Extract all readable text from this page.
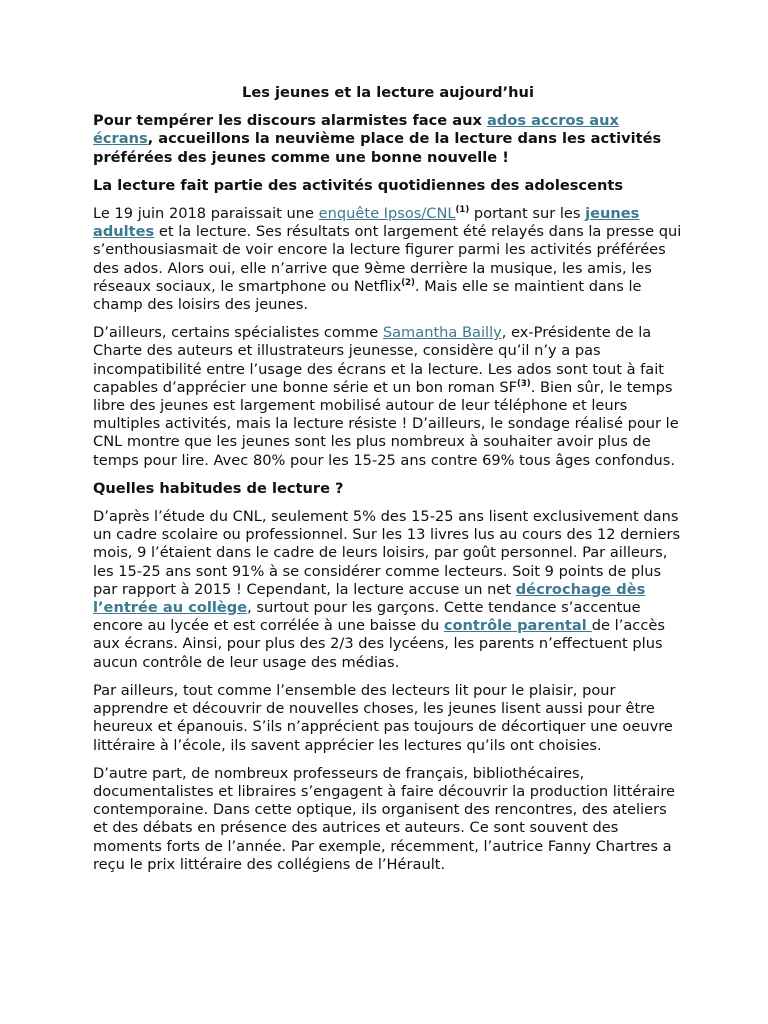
Les jeunes et la lecture aujourd’hui

Pour tempérer les discours alarmistes face aux ados accros aux écrans, accueillons la neuvième place de la lecture dans les activités préférées des jeunes comme une bonne nouvelle !

La lecture fait partie des activités quotidiennes des adolescents

Le 19 juin 2018 paraissait une enquête Ipsos/CNL$^{(1)}$ portant sur les jeunes adultes et la lecture. Ses résultats ont largement été relayés dans la presse qui s’enthousiasmait de voir encore la lecture figurer parmi les activités préférées des ados. Alors oui, elle n’arrive que 9ème derrière la musique, les amis, les réseaux sociaux, le smartphone ou Netflix$^{(2)}$. Mais elle se maintient dans le champ des loisirs des jeunes.

D’ailleurs, certains spécialistes comme Samantha Bailly, ex-Présidente de la Charte des auteurs et illustrateurs jeunesse, considère qu’il n’y a pas incompatibilité entre l’usage des écrans et la lecture. Les ados sont tout à fait capables d’apprécier une bonne série et un bon roman SF$^{(3)}$. Bien sûr, le temps libre des jeunes est largement mobilisé autour de leur téléphone et leurs multiples activités, mais la lecture résiste ! D’ailleurs, le sondage réalisé pour le CNL montre que les jeunes sont les plus nombreux à souhaiter avoir plus de temps pour lire. Avec 80% pour les 15-25 ans contre 69% tous âges confondus.

Quelles habitudes de lecture ?

D’après l’étude du CNL, seulement 5% des 15-25 ans lisent exclusivement dans un cadre scolaire ou professionnel. Sur les 13 livres lus au cours des 12 derniers mois, 9 l’étaient dans le cadre de leurs loisirs, par goût personnel. Par ailleurs, les 15-25 ans sont 91% à se considérer comme lecteurs. Soit 9 points de plus par rapport à 2015 ! Cependant, la lecture accuse un net décrochage dès l’entrée au collège, surtout pour les garçons. Cette tendance s’accentue encore au lycée et est corrélée à une baisse du contrôle parental de l’accès aux écrans. Ainsi, pour plus des 2/3 des lycéens, les parents n’effectuent plus aucun contrôle de leur usage des médias.

Par ailleurs, tout comme l’ensemble des lecteurs lit pour le plaisir, pour apprendre et découvrir de nouvelles choses, les jeunes lisent aussi pour être heureux et épanouis. S’ils n’apprécient pas toujours de décortiquer une oeuvre littéraire à l’école, ils savent apprécier les lectures qu’ils ont choisies.

D’autre part, de nombreux professeurs de français, bibliothécaires, documentalistes et libraires s’engagent à faire découvrir la production littéraire contemporaine. Dans cette optique, ils organisent des rencontres, des ateliers et des débats en présence des autrices et auteurs. Ce sont souvent des moments forts de l’année. Par exemple, récemment, l’autrice Fanny Chartres a reçu le prix littéraire des collégiens de l’Hérault.
